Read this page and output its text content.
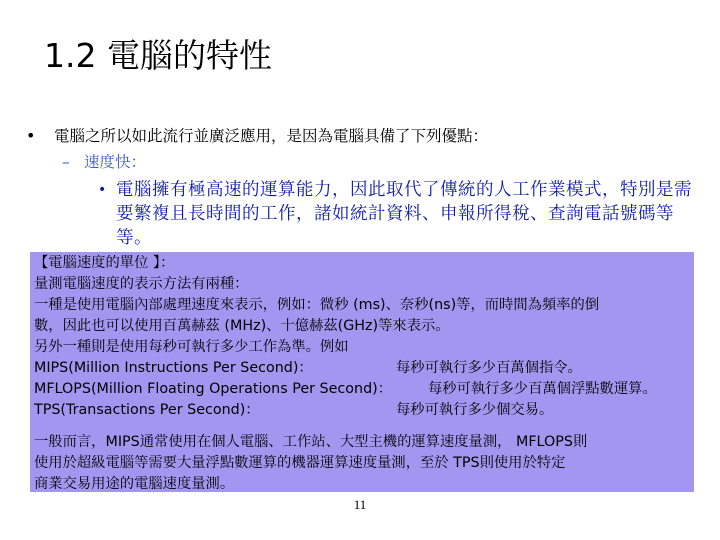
1.2 電腦的特性
• 電腦之所以如此流行並廣泛應用，是因為電腦具備了下列優點：
– 速度快：
• 電腦擁有極高速的運算能力，因此取代了傳統的人工作業模式，特別是需要繁複且長時間的工作，諸如統計資料、申報所得稅、查詢電話號碼等等。
【電腦速度的單位 】：
量測電腦速度的表示方法有兩種：
一種是使用電腦內部處理速度來表示，例如：微秒 (ms)、奈秒(ns)等，而時間為頻率的倒
數，因此也可以使用百萬赫茲 (MHz)、十億赫茲(GHz)等來表示。
另外一種則是使用每秒可執行多少工作為準。例如
MIPS(Million Instructions Per Second)：	每秒可執行多少百萬個指令。
MFLOPS(Million Floating Operations Per Second)：	每秒可執行多少百萬個浮點數運算。
TPS(Transactions Per Second)：	每秒可執行多少個交易。
一般而言，MIPS通常使用在個人電腦、工作站、大型主機的運算速度量測， MFLOPS則
使用於超級電腦等需要大量浮點數運算的機器運算速度量測，至於 TPS則使用於特定
商業交易用途的電腦速度量測。
11
